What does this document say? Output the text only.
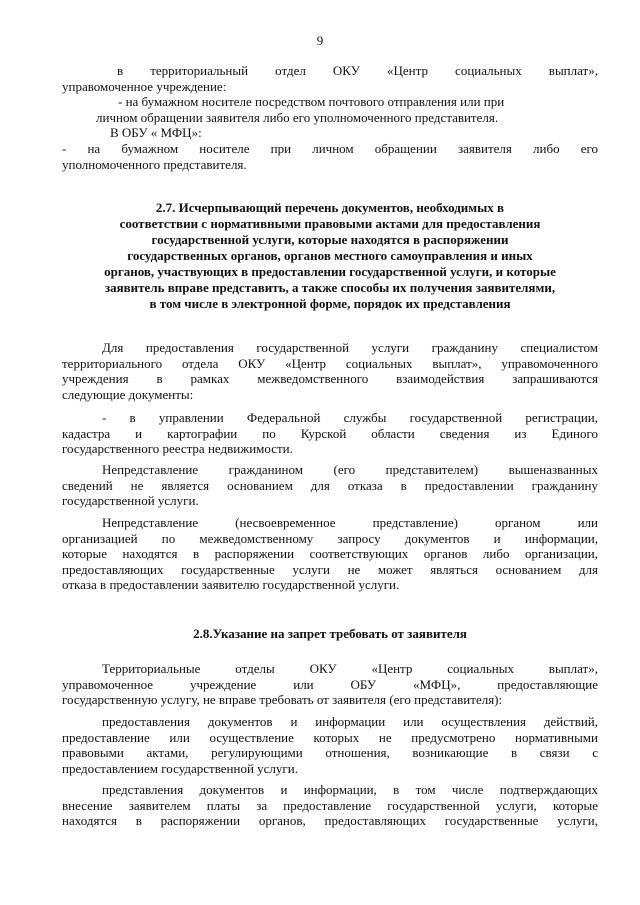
9
в территориальный отдел ОКУ «Центр социальных выплат»,
управомоченное учреждение:
- на бумажном носителе посредством почтового отправления или при
личном обращении заявителя либо его уполномоченного представителя.
В ОБУ « МФЦ»:
- на бумажном носителе при личном обращении заявителя либо его
уполномоченного представителя.
2.7. Исчерпывающий перечень документов, необходимых в
соответствии с нормативными правовыми актами для предоставления
государственной услуги, которые находятся в распоряжении
государственных органов, органов местного самоуправления и иных
органов, участвующих в предоставлении государственной услуги, и которые
заявитель вправе представить, а также способы их получения заявителями,
в том числе в электронной форме, порядок их представления
Для предоставления государственной услуги гражданину специалистом
территориального отдела ОКУ «Центр социальных выплат», управомоченного
учреждения в рамках межведомственного взаимодействия запрашиваются
следующие документы:
- в управлении Федеральной службы государственной регистрации,
кадастра и картографии по Курской области сведения из Единого
государственного реестра недвижимости.
Непредставление гражданином (его представителем) вышеназванных
сведений не является основанием для отказа в предоставлении гражданину
государственной услуги.
Непредставление (несвоевременное представление) органом или
организацией по межведомственному запросу документов и информации,
которые находятся в распоряжении соответствующих органов либо организации,
предоставляющих государственные услуги не может являться основанием для
отказа в предоставлении заявителю государственной услуги.
2.8.Указание на запрет требовать от заявителя
Территориальные отделы ОКУ «Центр социальных выплат»,
управомоченное учреждение или ОБУ «МФЦ», предоставляющие
государственную услугу, не вправе требовать от заявителя (его представителя):
предоставления документов и информации или осуществления действий,
предоставление или осуществление которых не предусмотрено нормативными
правовыми актами, регулирующими отношения, возникающие в связи с
предоставлением государственной услуги.
представления документов и информации, в том числе подтверждающих
внесение заявителем платы за предоставление государственной услуги, которые
находятся в распоряжении органов, предоставляющих государственные услуги,
